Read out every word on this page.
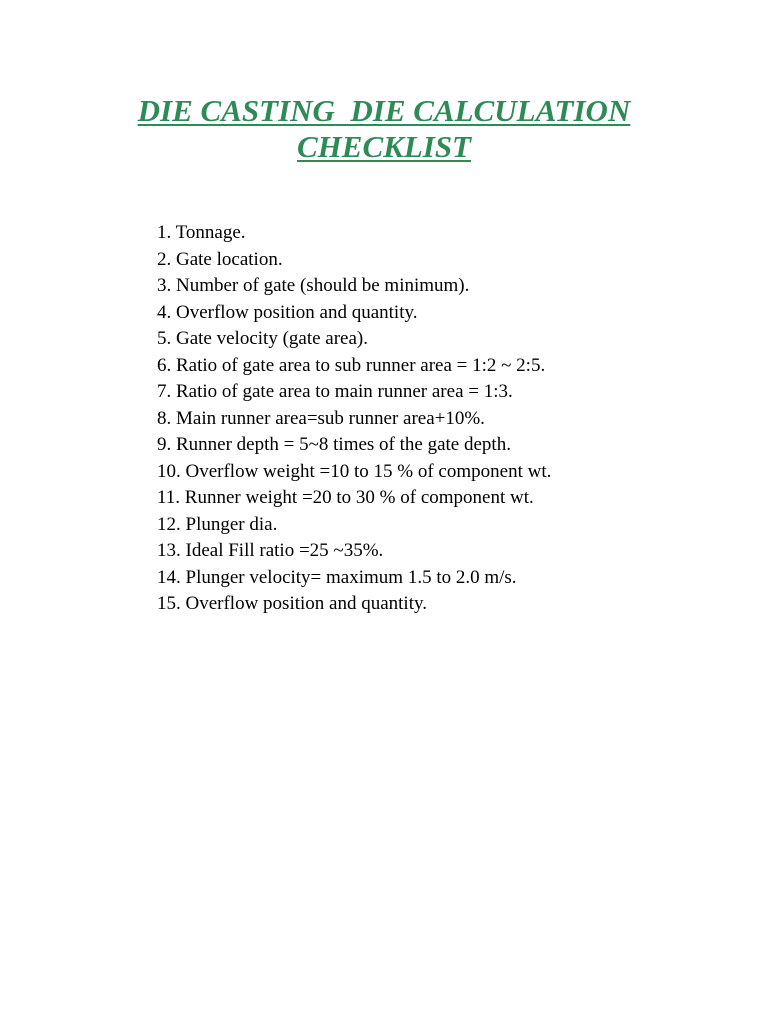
DIE CASTING  DIE CALCULATION
CHECKLIST
1. Tonnage.
2. Gate location.
3. Number of gate (should be minimum).
4. Overflow position and quantity.
5. Gate velocity (gate area).
6. Ratio of gate area to sub runner area = 1:2 ~ 2:5.
7. Ratio of gate area to main runner area = 1:3.
8. Main runner area=sub runner area+10%.
9. Runner depth = 5~8 times of the gate depth.
10. Overflow weight =10 to 15 % of component wt.
11. Runner weight =20 to 30 % of component wt.
12. Plunger dia.
13. Ideal Fill ratio =25 ~35%.
14. Plunger velocity= maximum 1.5 to 2.0 m/s.
15. Overflow position and quantity.
